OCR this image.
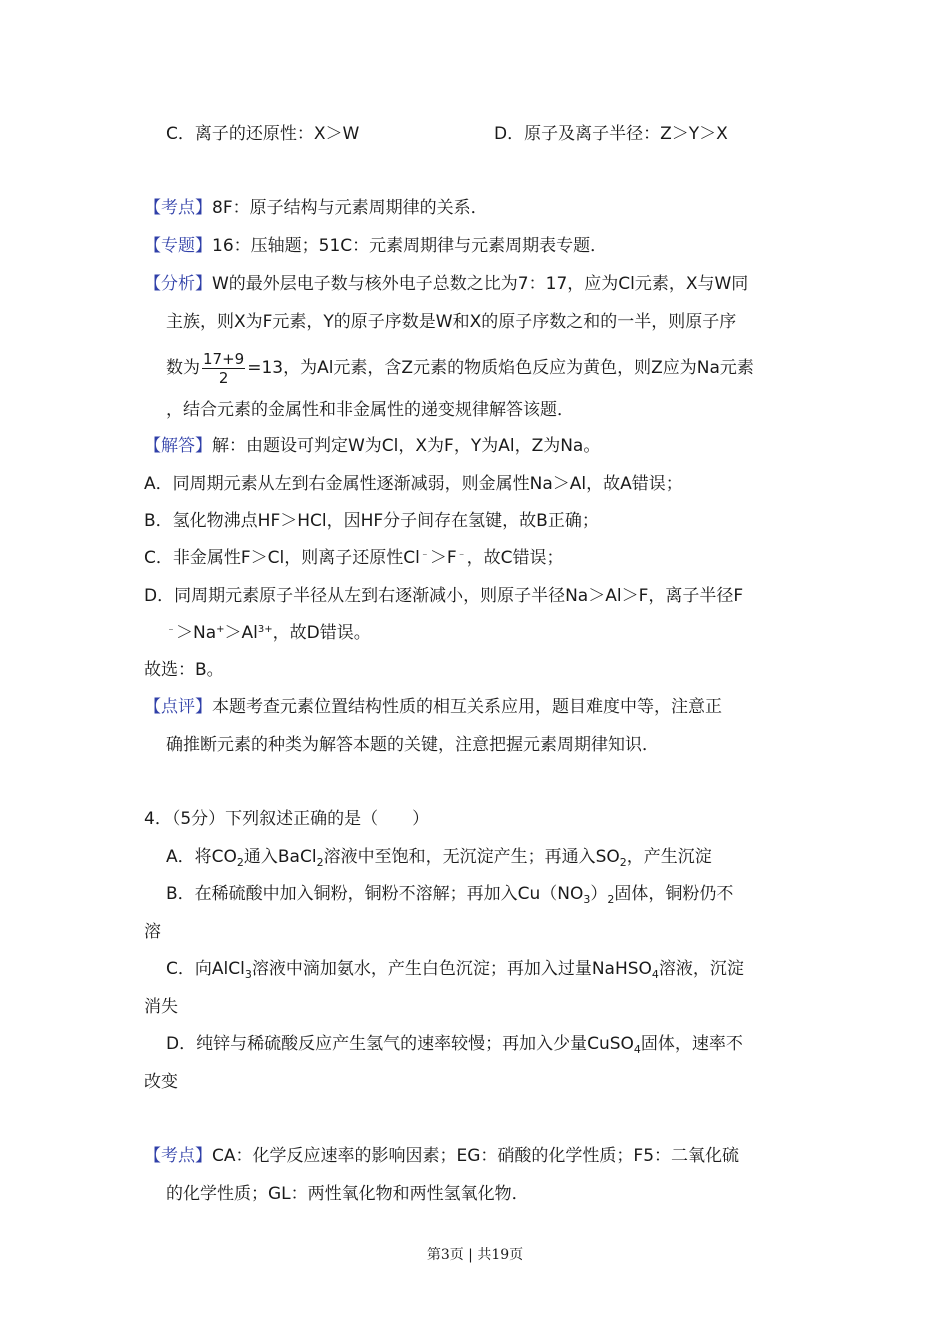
C．离子的还原性：X＞W	D．原子及离子半径：Z＞Y＞X
【考点】8F：原子结构与元素周期律的关系．
【专题】16：压轴题；51C：元素周期律与元素周期表专题．
【分析】W的最外层电子数与核外电子总数之比为7：17，应为Cl元素，X与W同
主族，则X为F元素，Y的原子序数是W和X的原子序数之和的一半，则原子序
数为 $\frac{17+9}{2} =13$，为Al元素，含Z元素的物质焰色反应为黄色，则Z应为Na元素
，结合元素的金属性和非金属性的递变规律解答该题．
【解答】解：由题设可判定W为Cl，X为F，Y为Al，Z为Na。
A．同周期元素从左到右金属性逐渐减弱，则金属性Na＞Al，故A错误；
B．氢化物沸点HF＞HCl，因HF分子间存在氢键，故B正确；
C．非金属性F＞Cl，则离子还原性Cl﹣＞F﹣，故C错误；
D．同周期元素原子半径从左到右逐渐减小，则原子半径Na＞Al＞F，离子半径F
$^﹣>Na^+>Al^{3+}$，故D错误。
故选：B。
【点评】本题考查元素位置结构性质的相互关系应用，题目难度中等，注意正
确推断元素的种类为解答本题的关键，注意把握元素周期律知识．
4．（5分）下列叙述正确的是（　　）
A．将$CO_2$通入BaCl$_2$溶液中至饱和，无沉淀产生；再通入$SO_2$，产生沉淀
B．在稀硫酸中加入铜粉，铜粉不溶解；再加入$Cu(NO_3)_2$固体，铜粉仍不
溶
C．向AlCl$_3$溶液中滴加氨水，产生白色沉淀；再加入过量NaHSO$_4$溶液，沉淀
消失
D．纯锌与稀硫酸反应产生氢气的速率较慢；再加入少量CuSO$_4$固体，速率不
改变
【考点】CA：化学反应速率的影响因素；EG：硝酸的化学性质；F5：二氧化硫
的化学性质；GL：两性氧化物和两性氢氧化物．
第3页 | 共19页
